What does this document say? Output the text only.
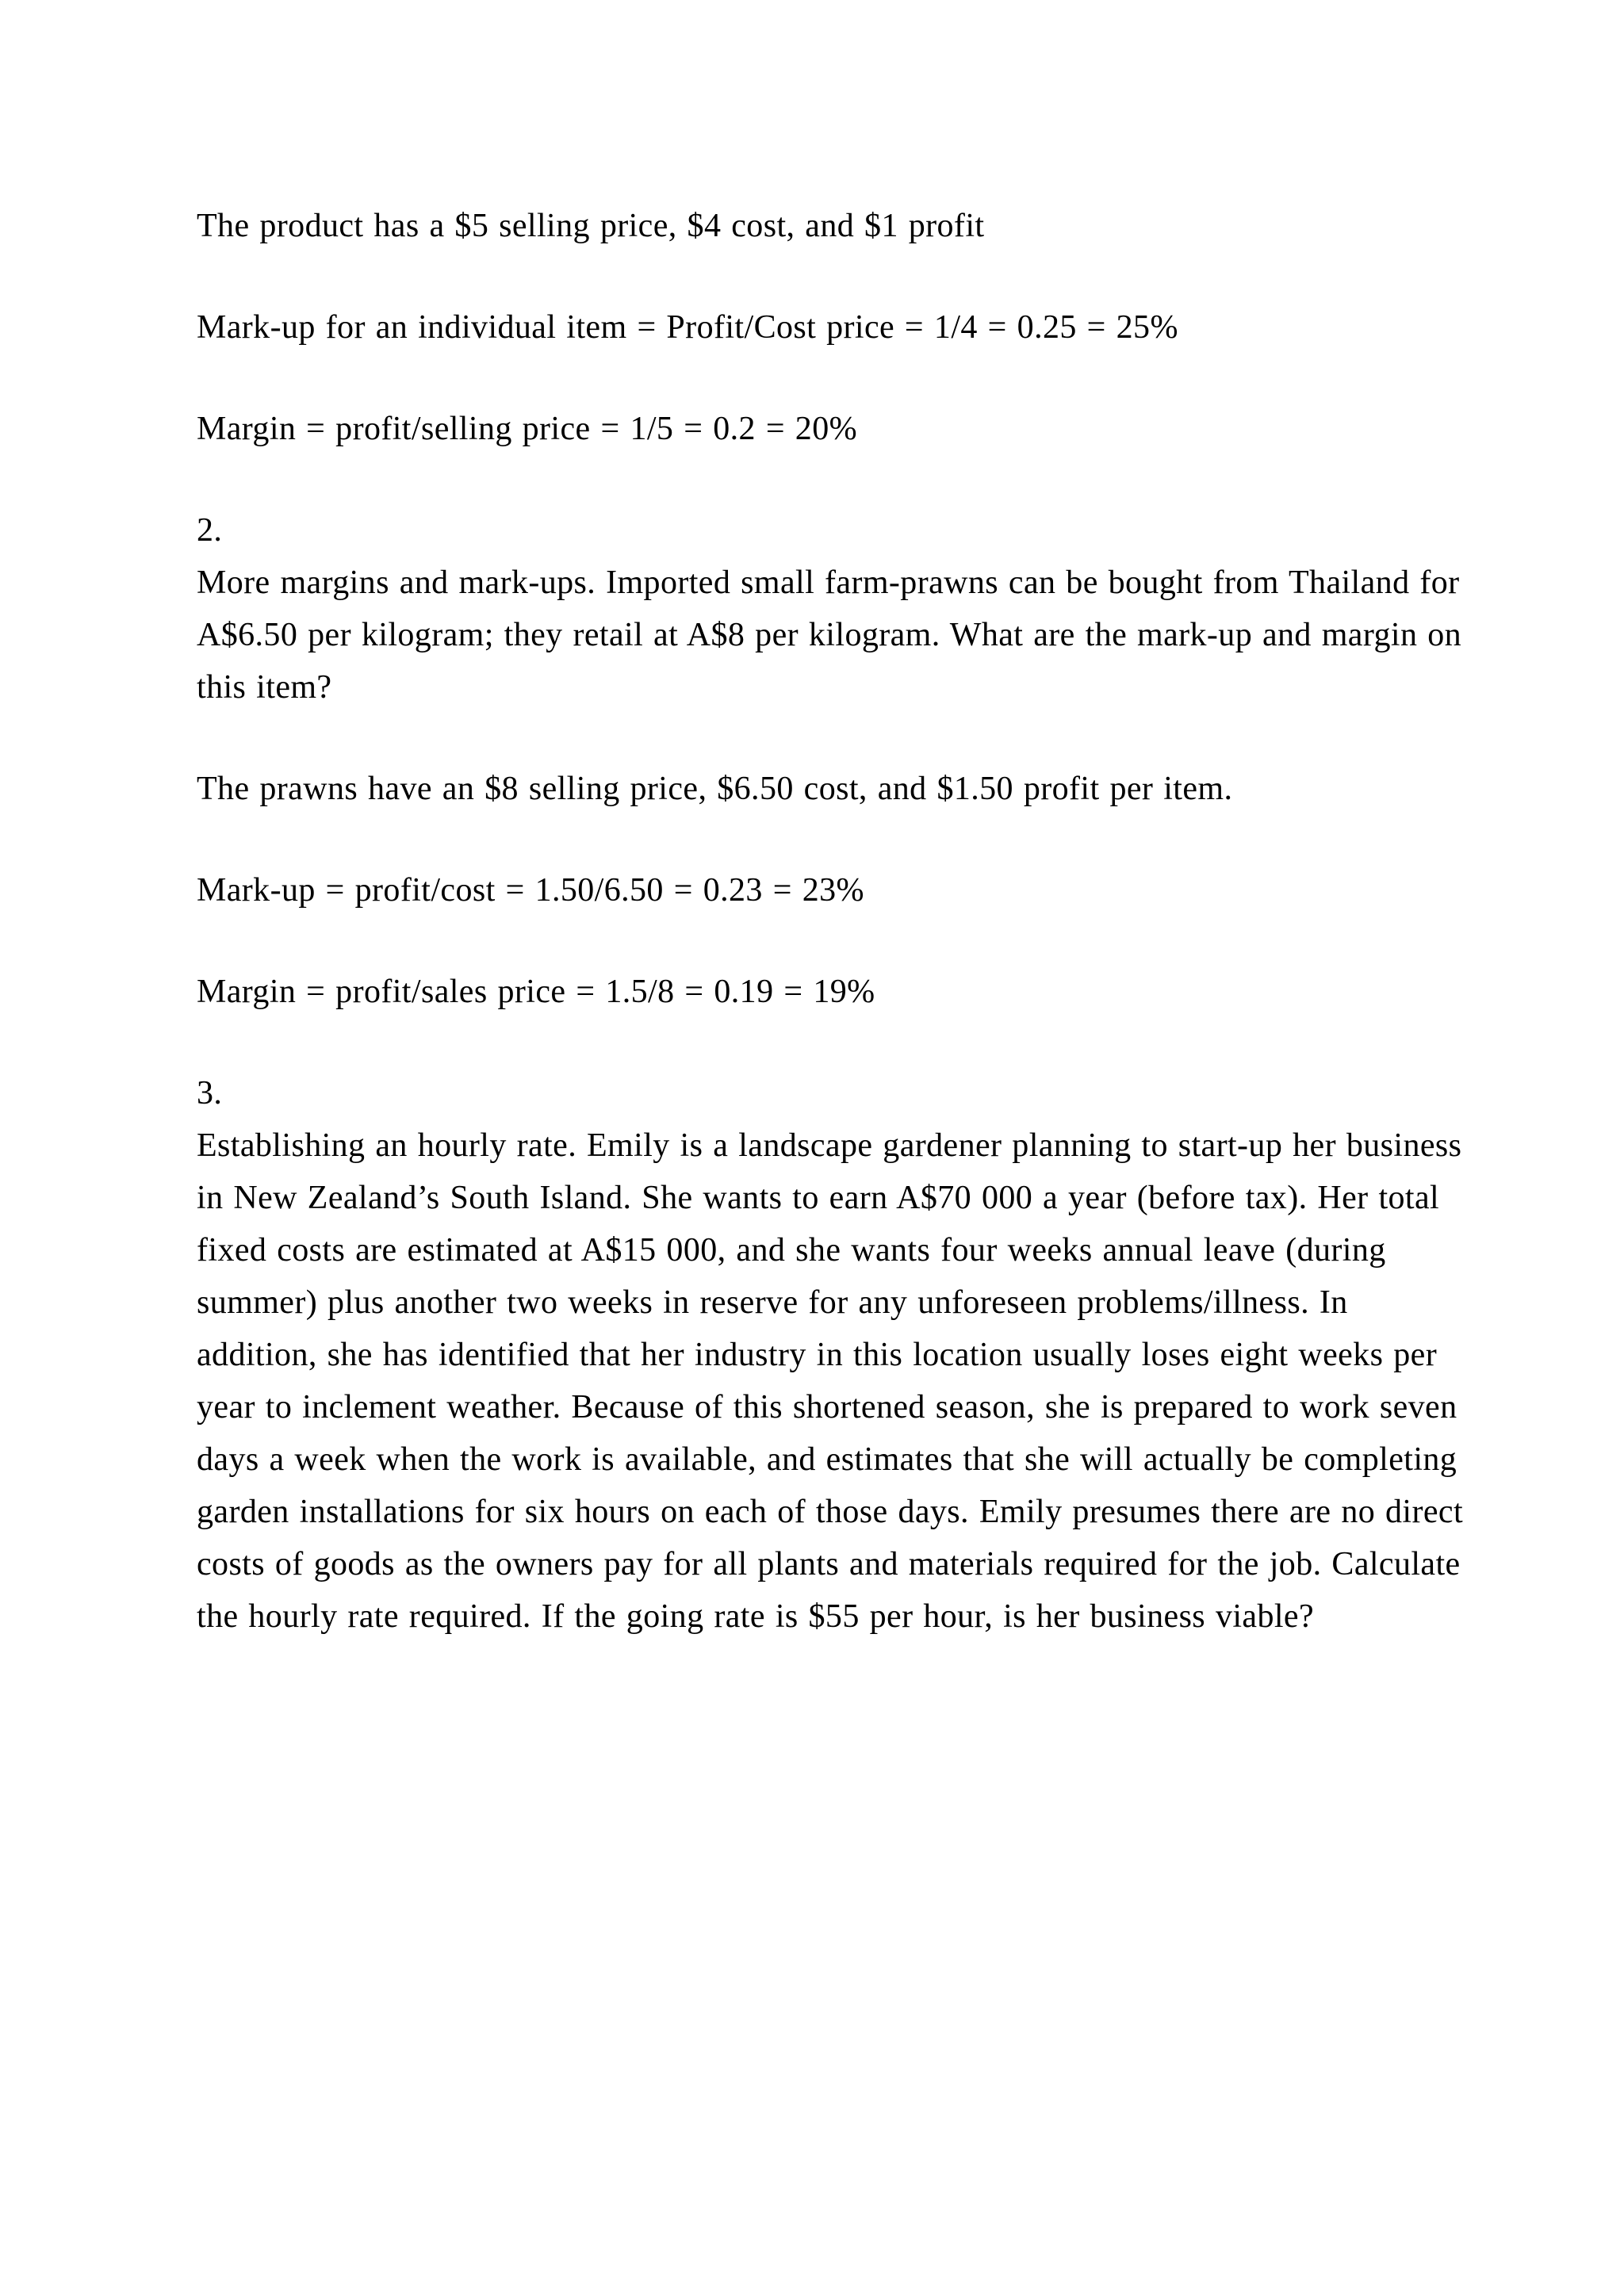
The product has a $5 selling price, $4 cost, and $1 profit

Mark-up for an individual item = Profit/Cost price = 1/4 = 0.25 = 25%

Margin = profit/selling price = 1/5 = 0.2 = 20%

2.

More margins and mark-ups. Imported small farm-prawns can be bought from Thailand for A$6.50 per kilogram; they retail at A$8 per kilogram. What are the mark-up and margin on this item?

The prawns have an $8 selling price, $6.50 cost, and $1.50 profit per item.

Mark-up = profit/cost = 1.50/6.50 = 0.23 = 23%

Margin = profit/sales price = 1.5/8 = 0.19 = 19%

3.

Establishing an hourly rate. Emily is a landscape gardener planning to start-up her business in New Zealand’s South Island. She wants to earn A$70 000 a year (before tax). Her total fixed costs are estimated at A$15 000, and she wants four weeks annual leave (during summer) plus another two weeks in reserve for any unforeseen problems/illness. In addition, she has identified that her industry in this location usually loses eight weeks per year to inclement weather. Because of this shortened season, she is prepared to work seven days a week when the work is available, and estimates that she will actually be completing garden installations for six hours on each of those days. Emily presumes there are no direct costs of goods as the owners pay for all plants and materials required for the job. Calculate the hourly rate required. If the going rate is $55 per hour, is her business viable?
